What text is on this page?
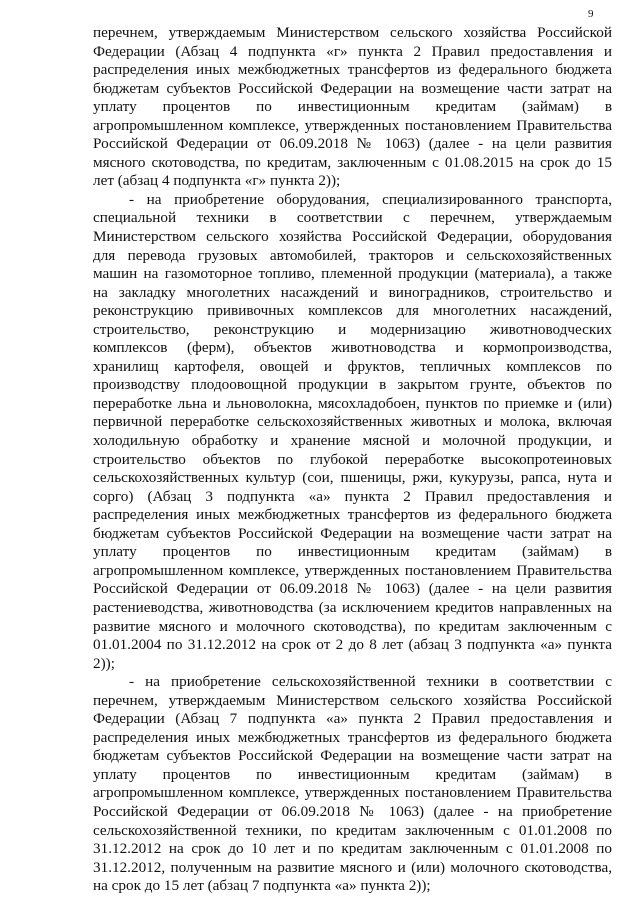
9
перечнем, утверждаемым Министерством сельского хозяйства Российской
Федерации (Абзац 4 подпункта «г» пункта 2 Правил предоставления и
распределения иных межбюджетных трансфертов из федерального бюджета
бюджетам субъектов Российской Федерации на возмещение части затрат на
уплату процентов по инвестиционным кредитам (займам) в
агропромышленном комплексе, утвержденных постановлением Правительства
Российской Федерации от 06.09.2018 № 1063) (далее - на цели развития
мясного скотоводства, по кредитам, заключенным с 01.08.2015 на срок до 15
лет (абзац 4 подпункта «г» пункта 2));
- на приобретение оборудования, специализированного транспорта,
специальной техники в соответствии с перечнем, утверждаемым
Министерством сельского хозяйства Российской Федерации, оборудования
для перевода грузовых автомобилей, тракторов и сельскохозяйственных
машин на газомоторное топливо, племенной продукции (материала), а также
на закладку многолетних насаждений и виноградников, строительство и
реконструкцию прививочных комплексов для многолетних насаждений,
строительство, реконструкцию и модернизацию животноводческих
комплексов (ферм), объектов животноводства и кормопроизводства,
хранилищ картофеля, овощей и фруктов, тепличных комплексов по
производству плодоовощной продукции в закрытом грунте, объектов по
переработке льна и льноволокна, мясохладобоен, пунктов по приемке и (или)
первичной переработке сельскохозяйственных животных и молока, включая
холодильную обработку и хранение мясной и молочной продукции, и
строительство объектов по глубокой переработке высокопротеиновых
сельскохозяйственных культур (сои, пшеницы, ржи, кукурузы, рапса, нута и
сорго) (Абзац 3 подпункта «а» пункта 2 Правил предоставления и
распределения иных межбюджетных трансфертов из федерального бюджета
бюджетам субъектов Российской Федерации на возмещение части затрат на
уплату процентов по инвестиционным кредитам (займам) в
агропромышленном комплексе, утвержденных постановлением Правительства
Российской Федерации от 06.09.2018 № 1063) (далее - на цели развития
растениеводства, животноводства (за исключением кредитов направленных на
развитие мясного и молочного скотоводства), по кредитам заключенным с
01.01.2004 по 31.12.2012 на срок от 2 до 8 лет (абзац 3 подпункта «а» пункта
2));
- на приобретение сельскохозяйственной техники в соответствии с
перечнем, утверждаемым Министерством сельского хозяйства Российской
Федерации (Абзац 7 подпункта «а» пункта 2 Правил предоставления и
распределения иных межбюджетных трансфертов из федерального бюджета
бюджетам субъектов Российской Федерации на возмещение части затрат на
уплату процентов по инвестиционным кредитам (займам) в
агропромышленном комплексе, утвержденных постановлением Правительства
Российской Федерации от 06.09.2018 № 1063) (далее - на приобретение
сельскохозяйственной техники, по кредитам заключенным с 01.01.2008 по
31.12.2012 на срок до 10 лет и по кредитам заключенным с 01.01.2008 по
31.12.2012, полученным на развитие мясного и (или) молочного скотоводства,
на срок до 15 лет (абзац 7 подпункта «а» пункта 2));
